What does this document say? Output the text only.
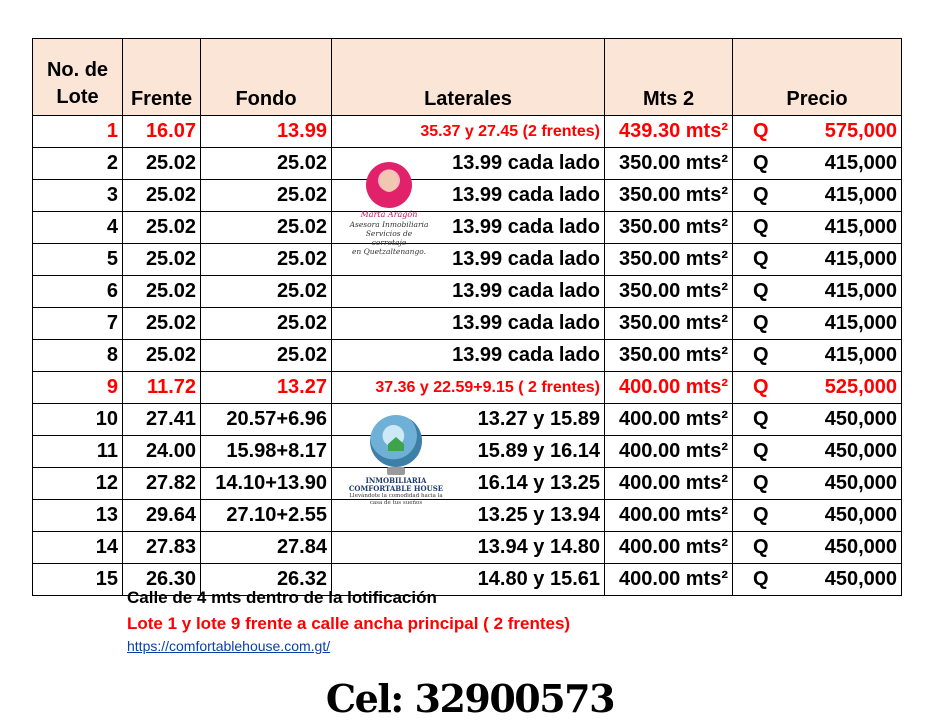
No. de Lote	Frente	Fondo	Laterales	Mts 2	Precio	
1	16.07	13.99	35.37 y 27.45 (2 frentes)	439.30 mts²	Q	575,000
2	25.02	25.02	13.99 cada lado	350.00 mts²	Q	415,000
3	25.02	25.02	13.99 cada lado	350.00 mts²	Q	415,000
4	25.02	25.02	13.99 cada lado	350.00 mts²	Q	415,000
5	25.02	25.02	13.99 cada lado	350.00 mts²	Q	415,000
6	25.02	25.02	13.99 cada lado	350.00 mts²	Q	415,000
7	25.02	25.02	13.99 cada lado	350.00 mts²	Q	415,000
8	25.02	25.02	13.99 cada lado	350.00 mts²	Q	415,000
9	11.72	13.27	37.36 y 22.59+9.15 ( 2 frentes)	400.00 mts²	Q	525,000
10	27.41	20.57+6.96	13.27 y 15.89	400.00 mts²	Q	450,000
11	24.00	15.98+8.17	15.89 y 16.14	400.00 mts²	Q	450,000
12	27.82	14.10+13.90	16.14 y 13.25	400.00 mts²	Q	450,000
13	29.64	27.10+2.55	13.25 y 13.94	400.00 mts²	Q	450,000
14	27.83	27.84	13.94 y 14.80	400.00 mts²	Q	450,000
15	26.30	26.32	14.80 y 15.61	400.00 mts²	Q	450,000
Marta Aragón
Asesora Inmobiliaria
Servicios de corretaje
en Quetzaltenango.
INMOBILIARIA
COMFORTABLE HOUSE
Llevándote la comodidad hacia la
casa de tus sueños
Calle de 4 mts dentro de la lotificación
Lote 1 y lote 9 frente a calle ancha principal ( 2 frentes)
https://comfortablehouse.com.gt/
Cel: 32900573
